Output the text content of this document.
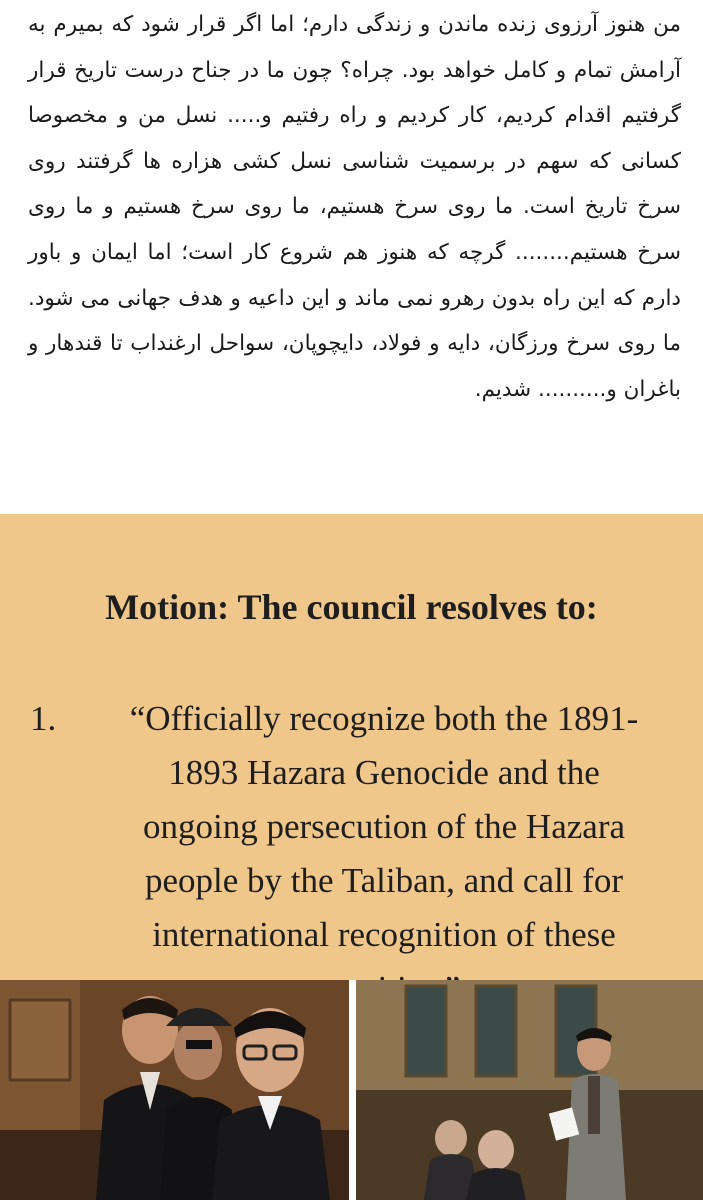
من هنوز آرزوی زنده ماندن و زندگی دارم؛ اما اگر قرار شود که بمیرم به آرامش تمام و کامل خواهد بود. چراه؟ چون ما در جناح درست تاریخ قرار گرفتیم اقدام کردیم، کار کردیم و راه رفتیم و..... نسل من و مخصوصا کسانی که سهم در برسمیت شناسی نسل کشی هزاره ها گرفتند روی سرخ تاریخ است. ما روی سرخ هستیم، ما روی سرخ هستیم و ما روی سرخ هستیم........ گرچه که هنوز هم شروع کار است؛ اما ایمان و باور دارم که این راه بدون رهرو نمی ماند و این داعیه و هدف جهانی می شود. ما روی سرخ ورزگان، دایه و فولاد، دایچوپان، سواحل ارغنداب تا قندهار و باغران و.......... شدیم.

Motion: The council resolves to:
1.	“Officially recognize both the 1891-
1893 Hazara Genocide and the
ongoing persecution of the Hazara
people by the Taliban, and call for
international recognition of these
